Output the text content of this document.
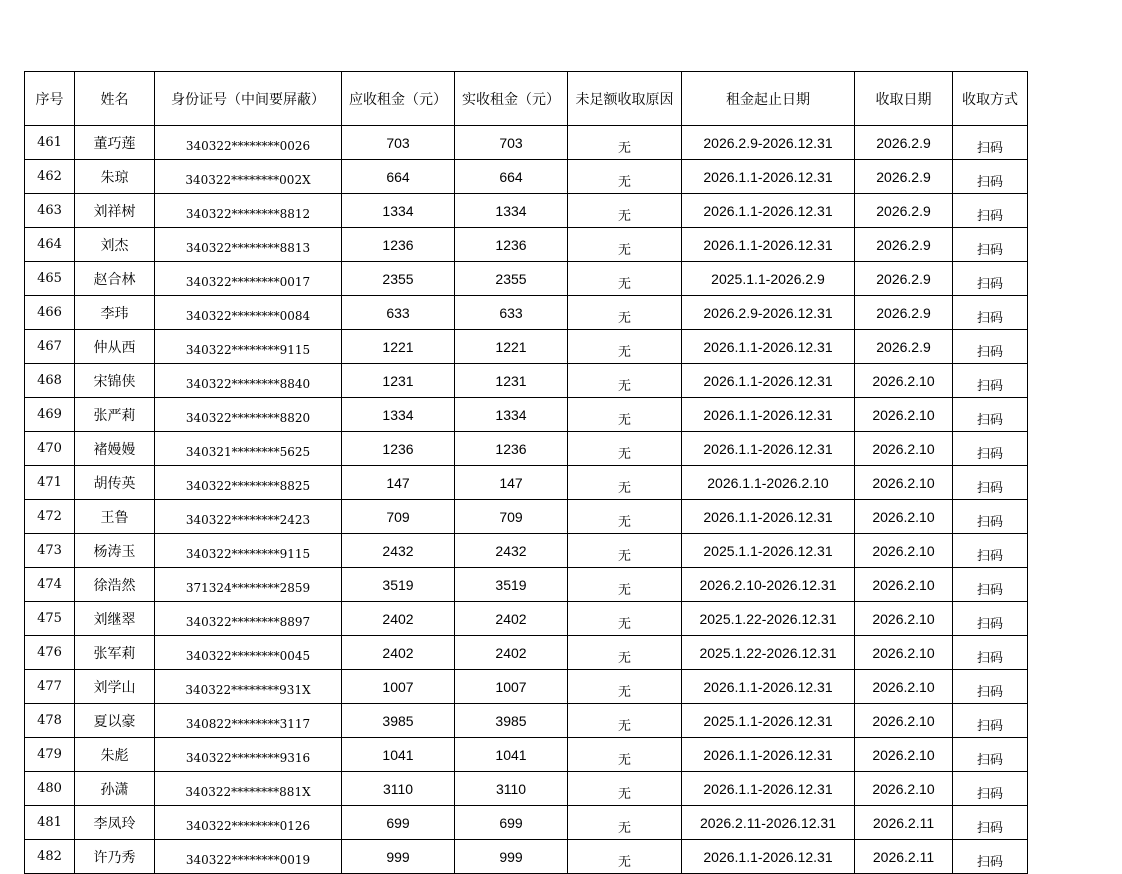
序号	姓名	身份证号（中间要屏蔽）	应收租金（元）	实收租金（元）	未足额收取原因	租金起止日期	收取日期	收取方式
461	董巧莲	340322********0026	703	703	无	2026.2.9-2026.12.31	2026.2.9	扫码
462	朱琼	340322********002X	664	664	无	2026.1.1-2026.12.31	2026.2.9	扫码
463	刘祥树	340322********8812	1334	1334	无	2026.1.1-2026.12.31	2026.2.9	扫码
464	刘杰	340322********8813	1236	1236	无	2026.1.1-2026.12.31	2026.2.9	扫码
465	赵合林	340322********0017	2355	2355	无	2025.1.1-2026.2.9	2026.2.9	扫码
466	李玮	340322********0084	633	633	无	2026.2.9-2026.12.31	2026.2.9	扫码
467	仲从西	340322********9115	1221	1221	无	2026.1.1-2026.12.31	2026.2.9	扫码
468	宋锦侠	340322********8840	1231	1231	无	2026.1.1-2026.12.31	2026.2.10	扫码
469	张严莉	340322********8820	1334	1334	无	2026.1.1-2026.12.31	2026.2.10	扫码
470	褚嫚嫚	340321********5625	1236	1236	无	2026.1.1-2026.12.31	2026.2.10	扫码
471	胡传英	340322********8825	147	147	无	2026.1.1-2026.2.10	2026.2.10	扫码
472	王鲁	340322********2423	709	709	无	2026.1.1-2026.12.31	2026.2.10	扫码
473	杨涛玉	340322********9115	2432	2432	无	2025.1.1-2026.12.31	2026.2.10	扫码
474	徐浩然	371324********2859	3519	3519	无	2026.2.10-2026.12.31	2026.2.10	扫码
475	刘继翠	340322********8897	2402	2402	无	2025.1.22-2026.12.31	2026.2.10	扫码
476	张军莉	340322********0045	2402	2402	无	2025.1.22-2026.12.31	2026.2.10	扫码
477	刘学山	340322********931X	1007	1007	无	2026.1.1-2026.12.31	2026.2.10	扫码
478	夏以豪	340822********3117	3985	3985	无	2025.1.1-2026.12.31	2026.2.10	扫码
479	朱彪	340322********9316	1041	1041	无	2026.1.1-2026.12.31	2026.2.10	扫码
480	孙潇	340322********881X	3110	3110	无	2026.1.1-2026.12.31	2026.2.10	扫码
481	李凤玲	340322********0126	699	699	无	2026.2.11-2026.12.31	2026.2.11	扫码
482	许乃秀	340322********0019	999	999	无	2026.1.1-2026.12.31	2026.2.11	扫码
